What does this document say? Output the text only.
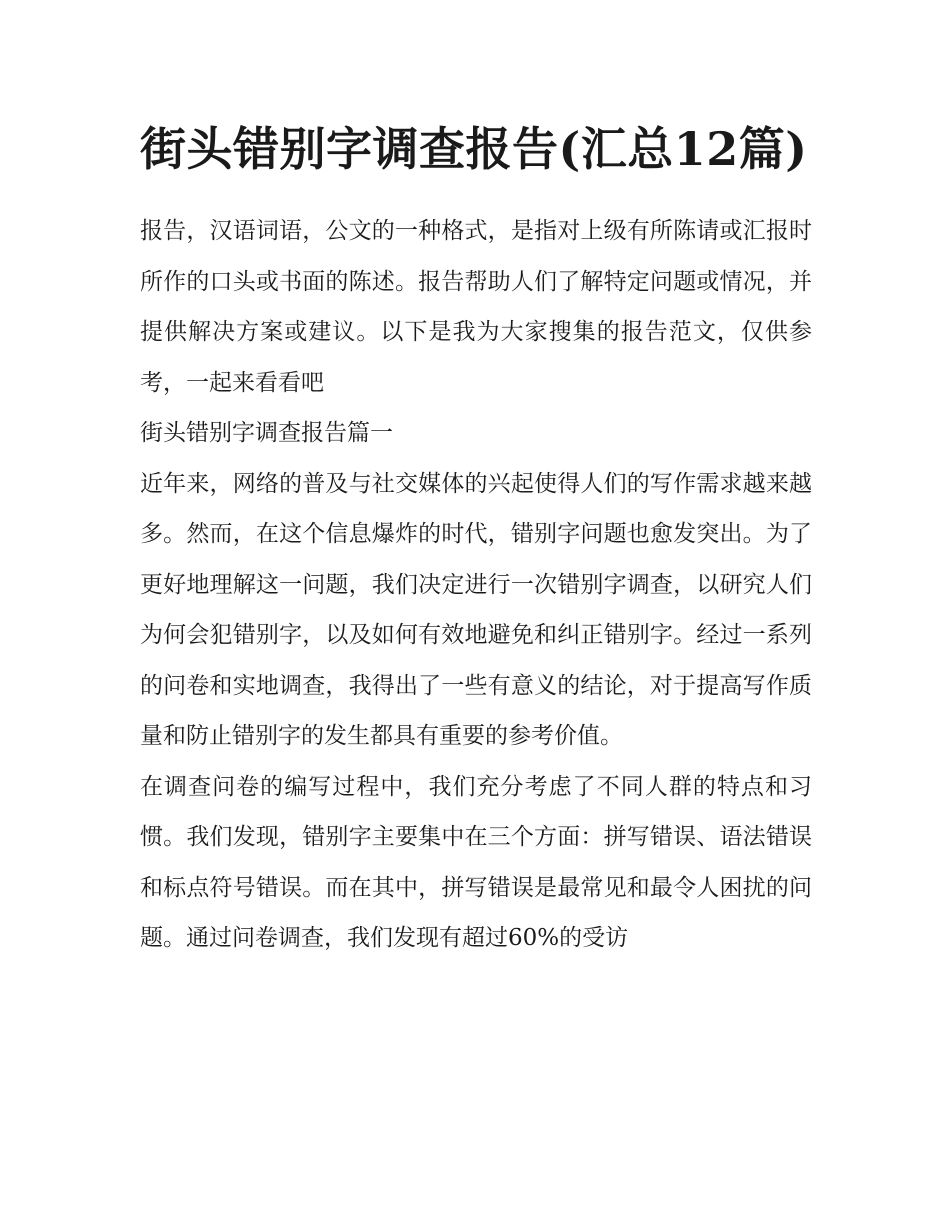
街头错别字调查报告(汇总12篇)

报告，汉语词语，公文的一种格式，是指对上级有所陈请或汇报时所作的口头或书面的陈述。报告帮助人们了解特定问题或情况，并提供解决方案或建议。以下是我为大家搜集的报告范文，仅供参考，一起来看看吧

街头错别字调查报告篇一

近年来，网络的普及与社交媒体的兴起使得人们的写作需求越来越多。然而，在这个信息爆炸的时代，错别字问题也愈发突出。为了更好地理解这一问题，我们决定进行一次错别字调查，以研究人们为何会犯错别字，以及如何有效地避免和纠正错别字。经过一系列的问卷和实地调查，我得出了一些有意义的结论，对于提高写作质量和防止错别字的发生都具有重要的参考价值。

在调查问卷的编写过程中，我们充分考虑了不同人群的特点和习惯。我们发现，错别字主要集中在三个方面：拼写错误、语法错误和标点符号错误。而在其中，拼写错误是最常见和最令人困扰的问题。通过问卷调查，我们发现有超过60%的受访
